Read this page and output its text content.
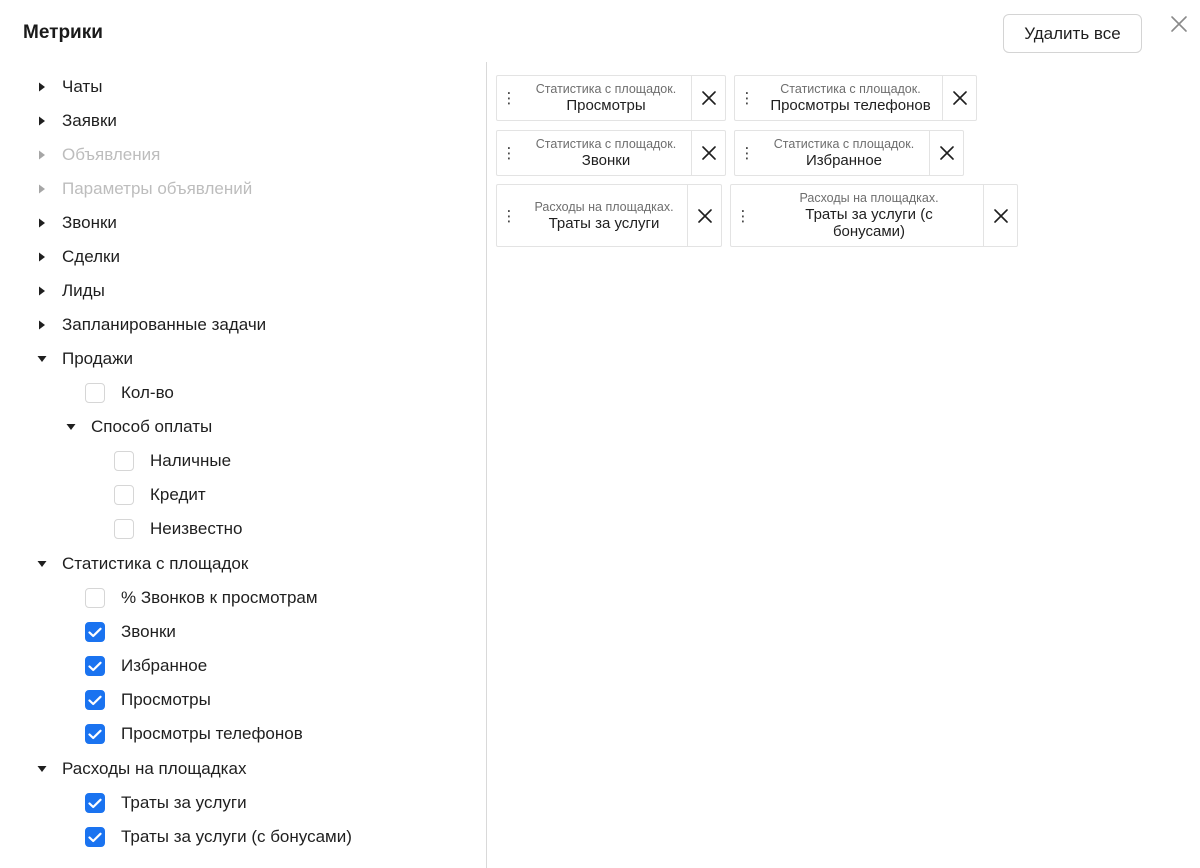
Метрики	Удалить все
Чаты
Заявки
Объявления
Параметры объявлений
Звонки
Сделки
Лиды
Запланированные задачи
Продажи
Кол-во
Способ оплаты
Наличные
Кредит
Неизвестно
Статистика с площадок
% Звонков к просмотрам
Звонки
Избранное
Просмотры
Просмотры телефонов
Расходы на площадках
Траты за услуги
Траты за услуги (с бонусами)
⋮
Статистика с площадок.
Просмотры	⋮
Статистика с площадок.
Просмотры телефонов
⋮
Статистика с площадок.
Звонки	⋮
Статистика с площадок.
Избранное
⋮
Расходы на площадках.
Траты за услуги	⋮
Расходы на площадках.
Траты за услуги (с бонусами)
